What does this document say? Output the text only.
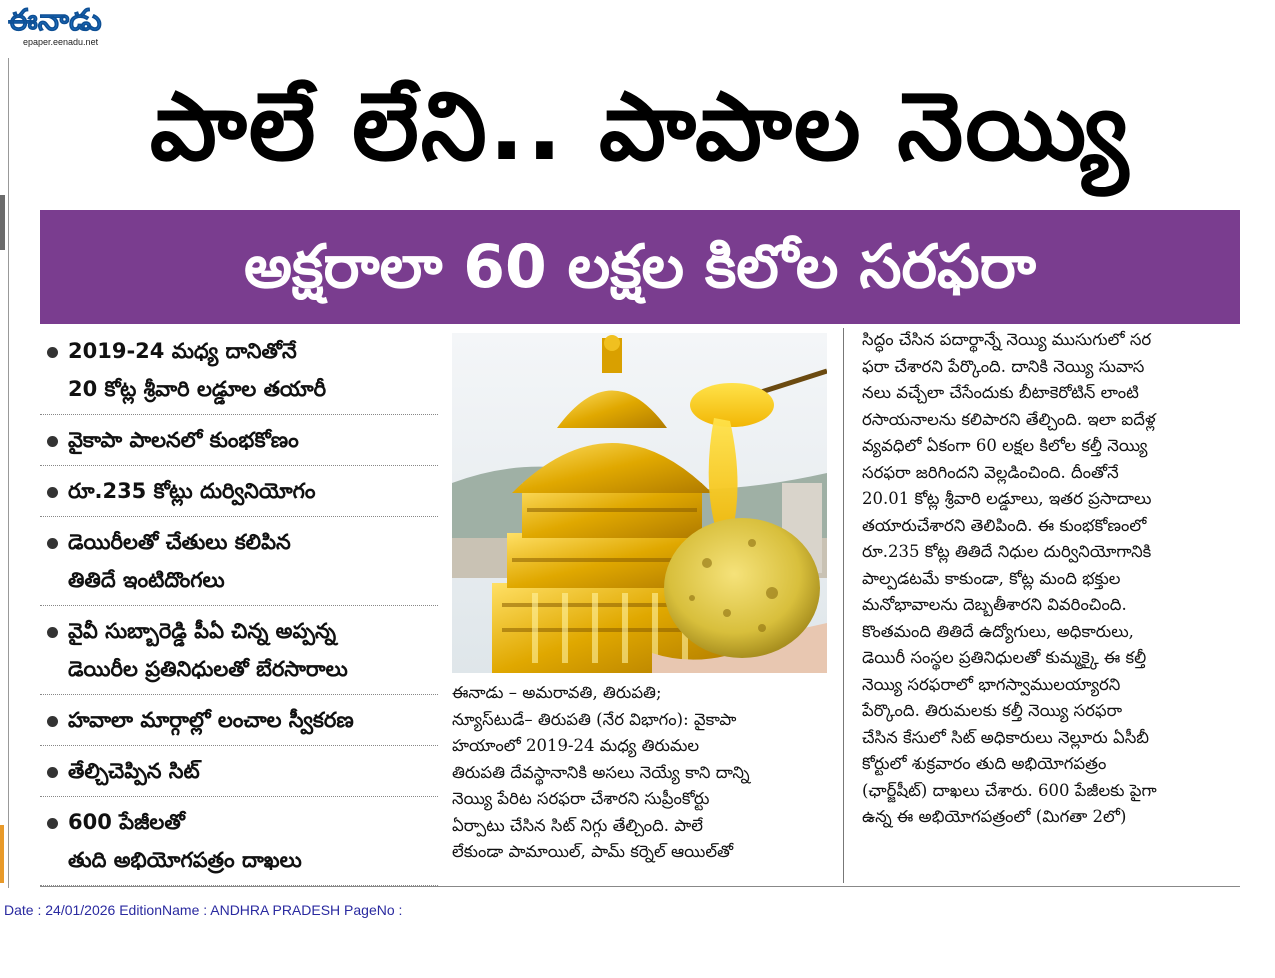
ఈనాడు
epaper.eenadu.net
పాలే లేని.. పాపాల నెయ్యి
అక్షరాలా 60 లక్షల కిలోల సరఫరా
2019-24 మధ్య దానితోనే
20 కోట్ల శ్రీవారి లడ్డూల తయారీ
వైకాపా పాలనలో కుంభకోణం
రూ.235 కోట్లు దుర్వినియోగం
డెయిరీలతో చేతులు కలిపిన
తితిదే ఇంటిదొంగలు
వైవీ సుబ్బారెడ్డి పీఏ చిన్న అప్పన్న
డెయిరీల ప్రతినిధులతో బేరసారాలు
హవాలా మార్గాల్లో లంచాల స్వీకరణ
తేల్చిచెప్పిన సిట్
600 పేజీలతో
తుది అభియోగపత్రం దాఖలు
ఈనాడు – అమరావతి, తిరుపతి;
న్యూస్‌టుడే– తిరుపతి (నేర విభాగం): వైకాపా
హయాంలో 2019-24 మధ్య తిరుమల
తిరుపతి దేవస్థానానికి అసలు నెయ్యే కాని దాన్ని
నెయ్యి పేరిట సరఫరా చేశారని సుప్రీంకోర్టు
ఏర్పాటు చేసిన సిట్ నిగ్గు తేల్చింది. పాలే
లేకుండా పామాయిల్, పామ్ కర్నెల్ ఆయిల్‌తో
సిద్ధం చేసిన పదార్థాన్నే నెయ్యి ముసుగులో సర
ఫరా చేశారని పేర్కొంది. దానికి నెయ్యి సువాస
నలు వచ్చేలా చేసేందుకు బీటాకెరోటిన్ లాంటి
రసాయనాలను కలిపారని తేల్చింది. ఇలా ఐదేళ్ల
వ్యవధిలో ఏకంగా 60 లక్షల కిలోల కల్తీ నెయ్యి
సరఫరా జరిగిందని వెల్లడించింది. దీంతోనే
20.01 కోట్ల శ్రీవారి లడ్డూలు, ఇతర ప్రసాదాలు
తయారుచేశారని తెలిపింది. ఈ కుంభకోణంలో
రూ.235 కోట్ల తితిదే నిధుల దుర్వినియోగానికి
పాల్పడటమే కాకుండా, కోట్ల మంది భక్తుల
మనోభావాలను దెబ్బతీశారని వివరించింది.
కొంతమంది తితిదే ఉద్యోగులు, అధికారులు,
డెయిరీ సంస్థల ప్రతినిధులతో కుమ్మక్కై ఈ కల్తీ
నెయ్యి సరఫరాలో భాగస్వాములయ్యారని
పేర్కొంది. తిరుమలకు కల్తీ నెయ్యి సరఫరా
చేసిన కేసులో సిట్ అధికారులు నెల్లూరు ఏసీబీ
కోర్టులో శుక్రవారం తుది అభియోగపత్రం
(ఛార్జ్‌షీట్) దాఖలు చేశారు. 600 పేజీలకు పైగా
ఉన్న ఈ అభియోగపత్రంలో (మిగతా 2లో)
Date : 24/01/2026 EditionName : ANDHRA PRADESH PageNo :
